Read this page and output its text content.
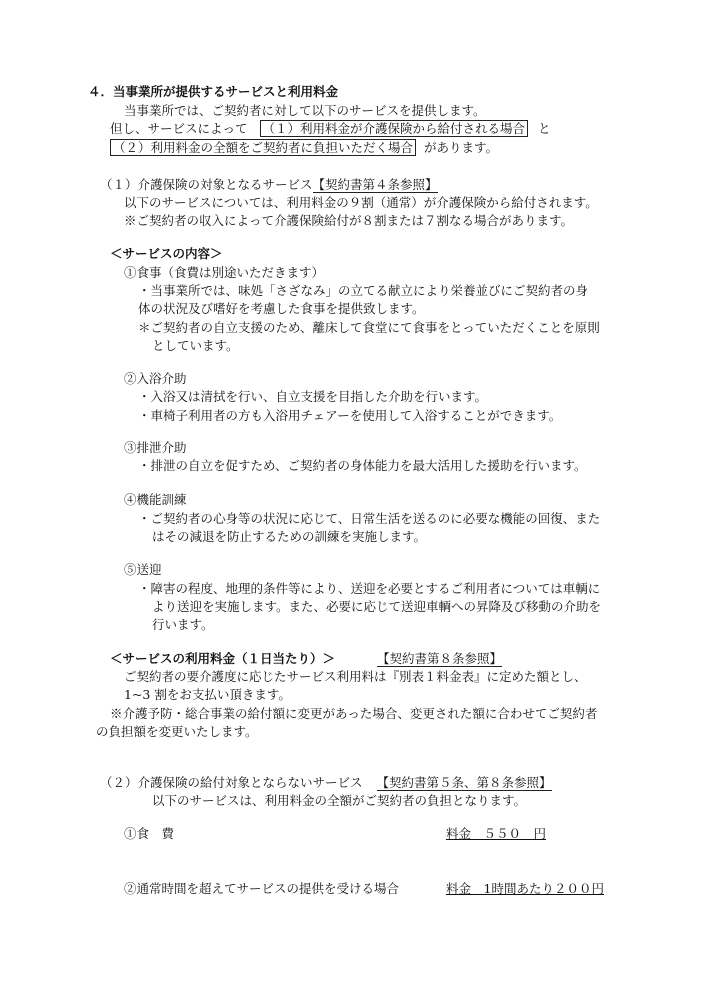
４．当事業所が提供するサービスと利用料金
当事業所では、ご契約者に対して以下のサービスを提供します。
但し、サービスによって （１）利用料金が介護保険から給付される場合 と
（２）利用料金の全額をご契約者に負担いただく場合 があります。
（１）介護保険の対象となるサービス【契約書第４条参照】
以下のサービスについては、利用料金の９割（通常）が介護保険から給付されます。
※ご契約者の収入によって介護保険給付が８割または７割なる場合があります。
＜サービスの内容＞
①食事（食費は別途いただきます）
・当事業所では、味処「さざなみ」の立てる献立により栄養並びにご契約者の身
体の状況及び嗜好を考慮した食事を提供致します。
＊ご契約者の自立支援のため、離床して食堂にて食事をとっていただくことを原則
としています。
②入浴介助
・入浴又は清拭を行い、自立支援を目指した介助を行います。
・車椅子利用者の方も入浴用チェアーを使用して入浴することができます。
③排泄介助
・排泄の自立を促すため、ご契約者の身体能力を最大活用した援助を行います。
④機能訓練
・ご契約者の心身等の状況に応じて、日常生活を送るのに必要な機能の回復、また
はその減退を防止するための訓練を実施します。
⑤送迎
・障害の程度、地理的条件等により、送迎を必要とするご利用者については車輌に
より送迎を実施します。また、必要に応じて送迎車輌への昇降及び移動の介助を
行います。
＜サービスの利用料金（１日当たり）＞	【契約書第８条参照】
ご契約者の要介護度に応じたサービス利用料は『別表１料金表』に定めた額とし、
1~3 割をお支払い頂きます。
※介護予防・総合事業の給付額に変更があった場合、変更された額に合わせてご契約者
の負担額を変更いたします。
（２）介護保険の給付対象とならないサービス 【契約書第５条、第８条参照】
以下のサービスは、利用料金の全額がご契約者の負担となります。
①食　費	料金　５５０　円
②通常時間を超えてサービスの提供を受ける場合	料金　1時間あたり２００円
